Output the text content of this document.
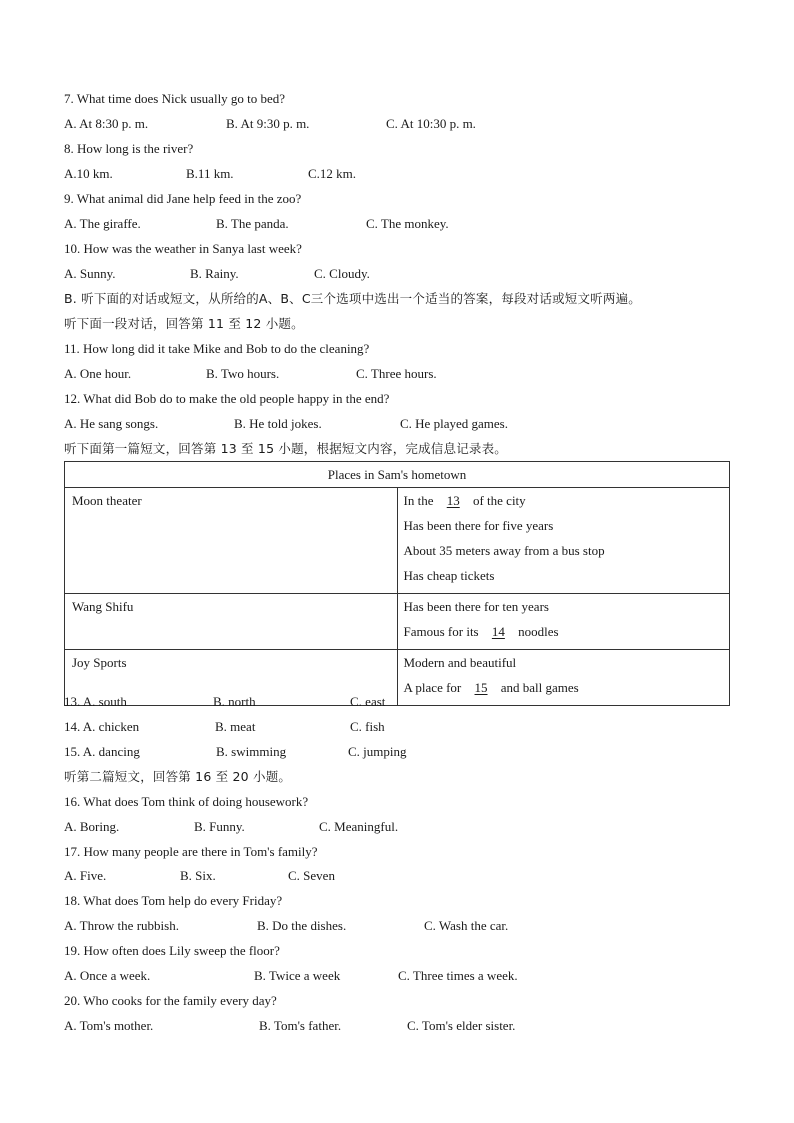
7. What time does Nick usually go to bed?
A. At 8:30 p. m.	B. At 9:30 p. m.	C. At 10:30 p. m.
8. How long is the river?
A.10 km.	B.11 km.	C.12 km.
9. What animal did Jane help feed in the zoo?
A. The giraffe.	B. The panda.	C. The monkey.
10. How was the weather in Sanya last week?
A. Sunny.	B. Rainy.	C. Cloudy.
B. 听下面的对话或短文，从所给的A、B、C三个选项中选出一个适当的答案，每段对话或短文听两遍。
听下面一段对话，回答第 11 至 12 小题。
11. How long did it take Mike and Bob to do the cleaning?
A. One hour.	B. Two hours.	C. Three hours.
12. What did Bob do to make the old people happy in the end?
A. He sang songs.	B. He told jokes.	C. He played games.
听下面第一篇短文，回答第 13 至 15 小题，根据短文内容，完成信息记录表。
Places in Sam's hometown	
Moon theater	In the 13 of the city
Has been there for five years
About 35 meters away from a bus stop
Has cheap tickets

Wang Shifu	Has been there for ten years
Famous for its 14 noodles

Joy Sports	Modern and beautiful
A place for 15 and ball games
13. A. south	B. north	C. east
14. A. chicken	B. meat	C. fish
15. A. dancing	B. swimming	C. jumping
听第二篇短文，回答第 16 至 20 小题。
16. What does Tom think of doing housework?
A. Boring.	B. Funny.	C. Meaningful.
17. How many people are there in Tom's family?
A. Five.	B. Six.	C. Seven
18. What does Tom help do every Friday?
A. Throw the rubbish.	B. Do the dishes.	C. Wash the car.
19. How often does Lily sweep the floor?
A. Once a week.	B. Twice a week	C. Three times a week.
20. Who cooks for the family every day?
A. Tom's mother.	B. Tom's father.	C. Tom's elder sister.
